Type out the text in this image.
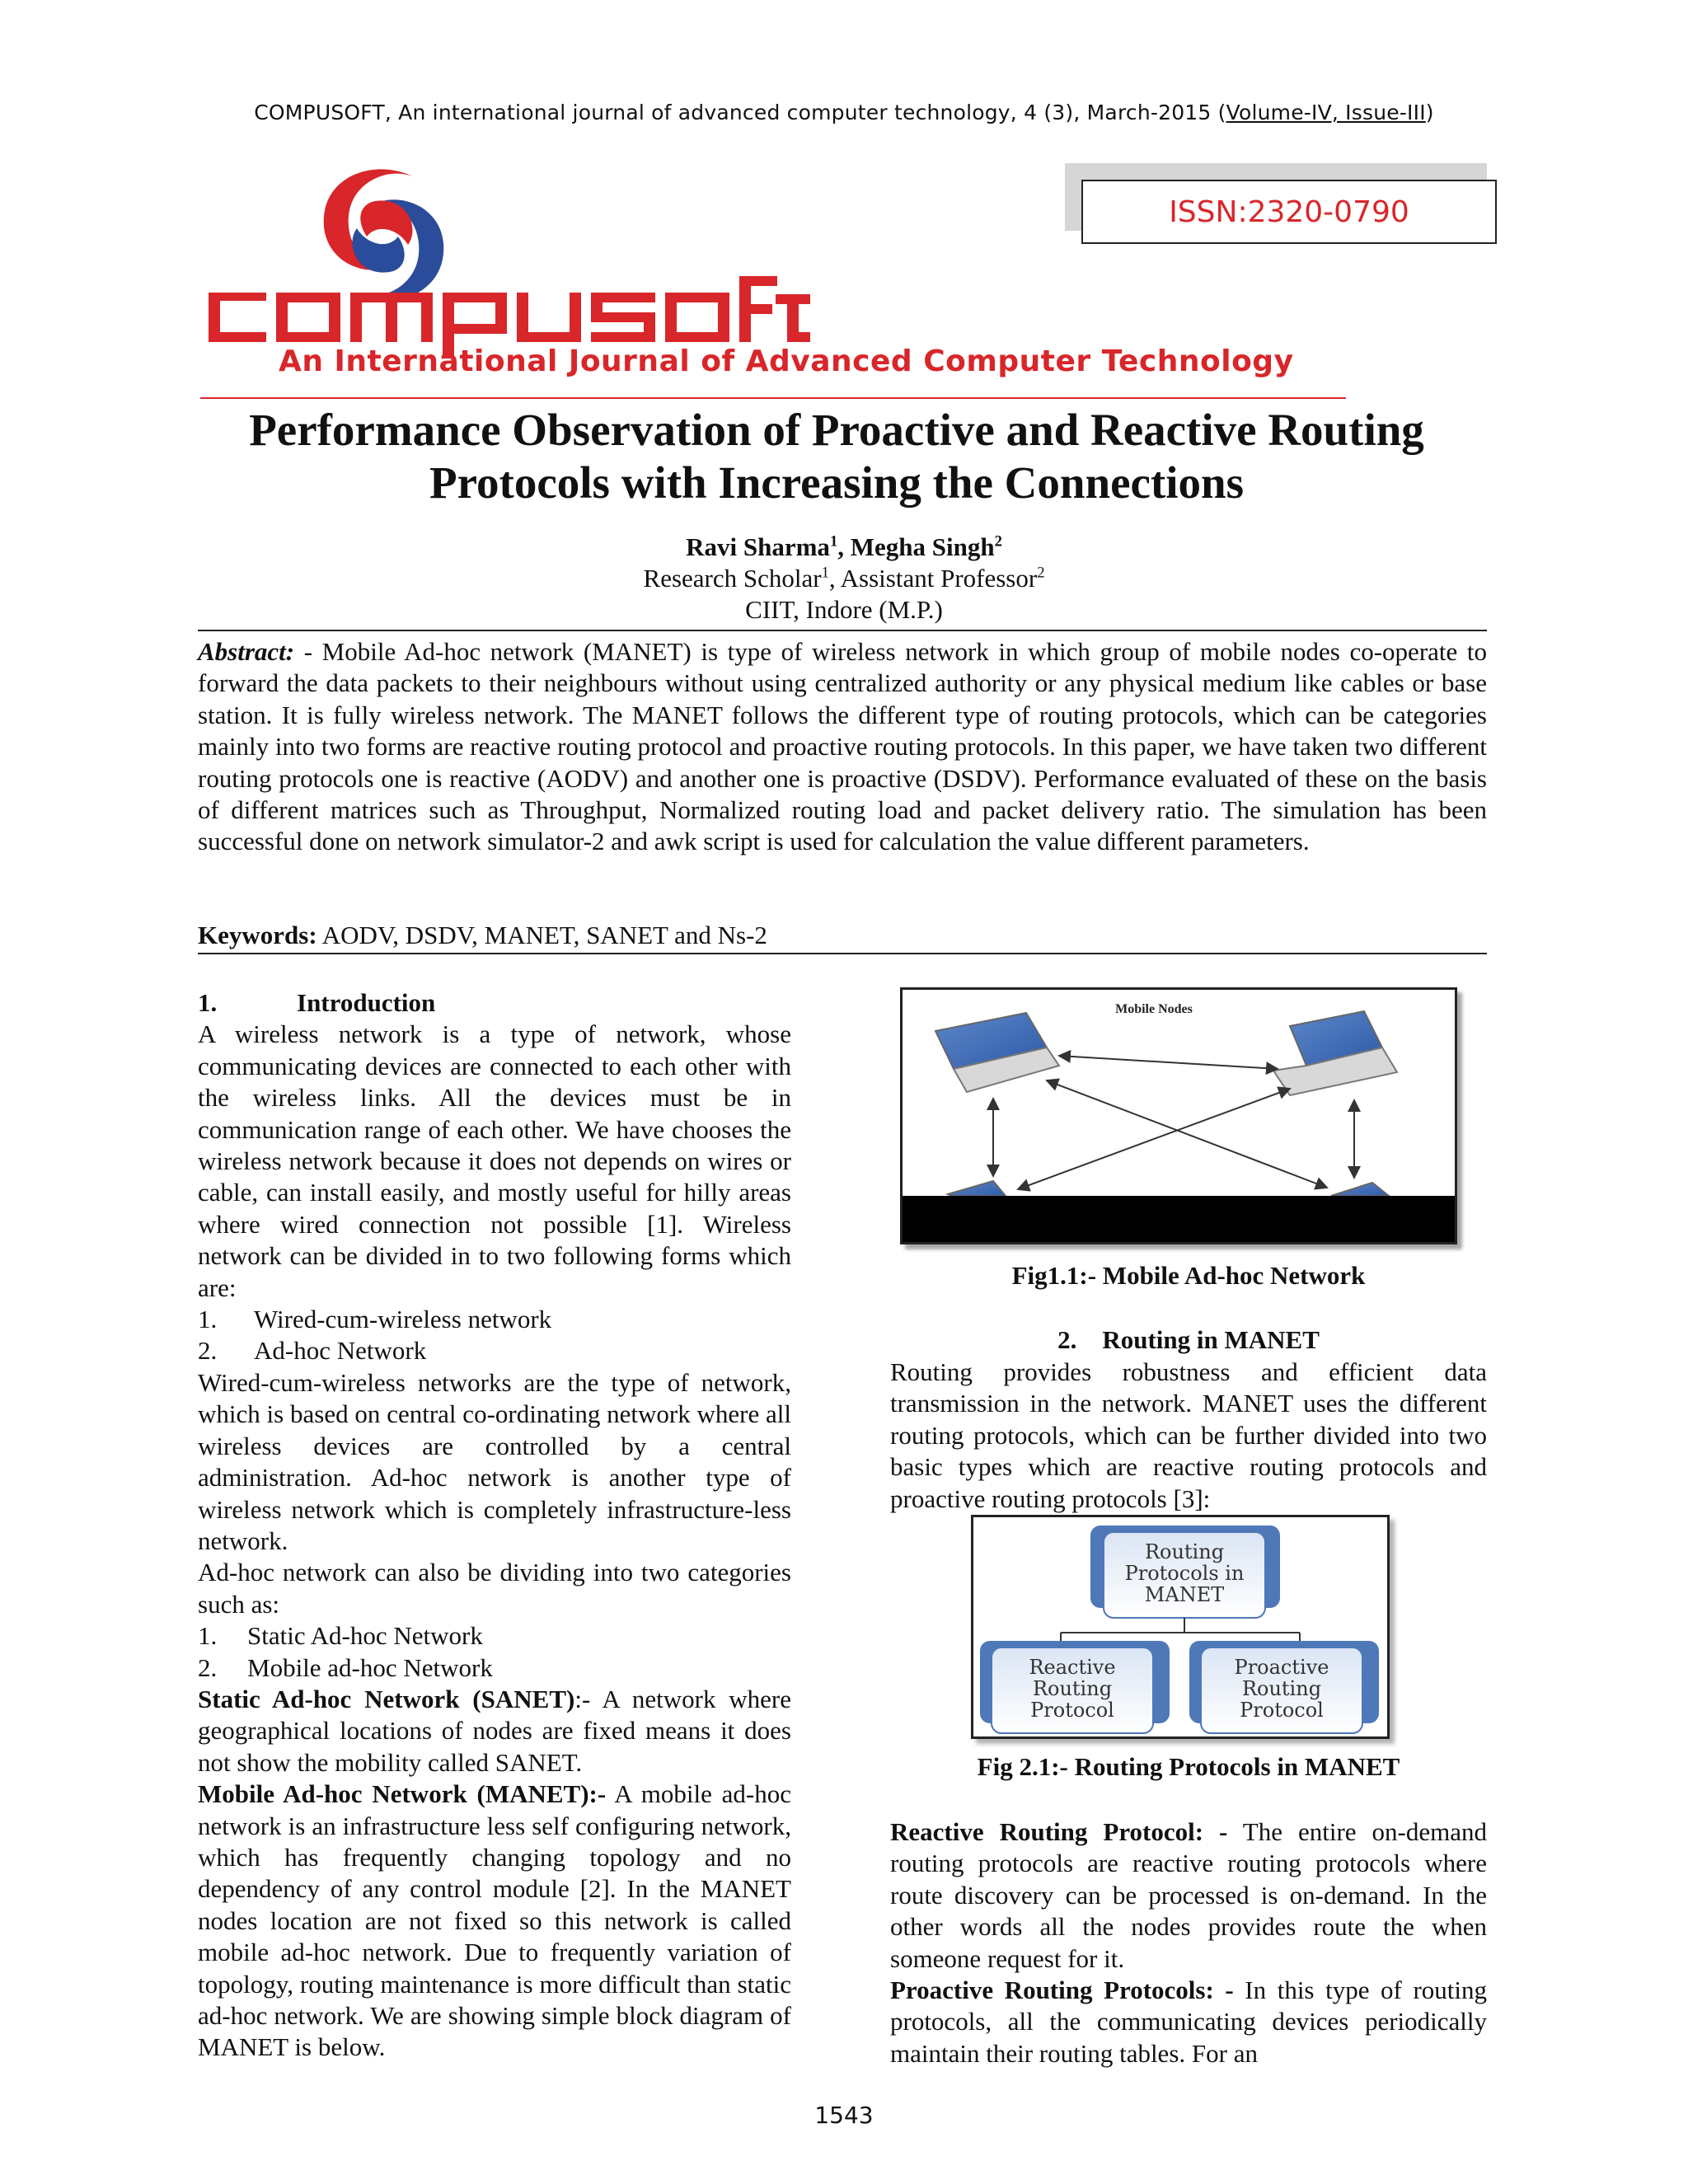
COMPUSOFT, An international journal of advanced computer technology, 4 (3), March-2015 (Volume-IV, Issue-III)
An International Journal of Advanced Computer Technology
ISSN:2320-0790
Performance Observation of Proactive and Reactive Routing
Protocols with Increasing the Connections
Ravi Sharma$^1$, Megha Singh$^2$
Research Scholar$^1$, Assistant Professor$^2$
CIIT, Indore (M.P.)

Abstract: - Mobile Ad-hoc network (MANET) is type of wireless network in which group of mobile nodes co-operate to forward the data packets to their neighbours without using centralized authority or any physical medium like cables or base station. It is fully wireless network. The MANET follows the different type of routing protocols, which can be categories mainly into two forms are reactive routing protocol and proactive routing protocols. In this paper, we have taken two different routing protocols one is reactive (AODV) and another one is proactive (DSDV). Performance evaluated of these on the basis of different matrices such as Throughput, Normalized routing load and packet delivery ratio. The simulation has been successful done on network simulator-2 and awk script is used for calculation the value different parameters.

Keywords: AODV, DSDV, MANET, SANET and Ns-2

1.	Introduction

A wireless network is a type of network, whose communicating devices are connected to each other with the wireless links. All the devices must be in communication range of each other. We have chooses the wireless network because it does not depends on wires or cable, can install easily, and mostly useful for hilly areas where wired connection not possible [1]. Wireless network can be divided in to two following forms which are:

1. Wired-cum-wireless network

2. Ad-hoc Network

Wired-cum-wireless networks are the type of network, which is based on central co-ordinating network where all wireless devices are controlled by a central administration. Ad-hoc network is another type of wireless network which is completely infrastructure-less network.

Ad-hoc network can also be dividing into two categories such as:

1. Static Ad-hoc Network

2. Mobile ad-hoc Network

Static Ad-hoc Network (SANET):- A network where geographical locations of nodes are fixed means it does not show the mobility called SANET.

Mobile Ad-hoc Network (MANET):- A mobile ad-hoc network is an infrastructure less self configuring network, which has frequently changing topology and no dependency of any control module [2]. In the MANET nodes location are not fixed so this network is called mobile ad-hoc network. Due to frequently variation of topology, routing maintenance is more difficult than static ad-hoc network. We are showing simple block diagram of MANET is below.

Mobile Nodes
Fig1.1:- Mobile Ad-hoc Network
2.    Routing in MANET

Routing provides robustness and efficient data transmission in the network. MANET uses the different routing protocols, which can be further divided into two basic types which are reactive routing protocols and proactive routing protocols [3]:

Routing
Protocols in
MANET
Reactive
Routing
Protocol
Proactive
Routing
Protocol
Fig 2.1:- Routing Protocols in MANET

Reactive Routing Protocol: - The entire on-demand routing protocols are reactive routing protocols where route discovery can be processed is on-demand. In the other words all the nodes provides route the when someone request for it.

Proactive Routing Protocols: - In this type of routing protocols, all the communicating devices periodically maintain their routing tables. For an

1543
